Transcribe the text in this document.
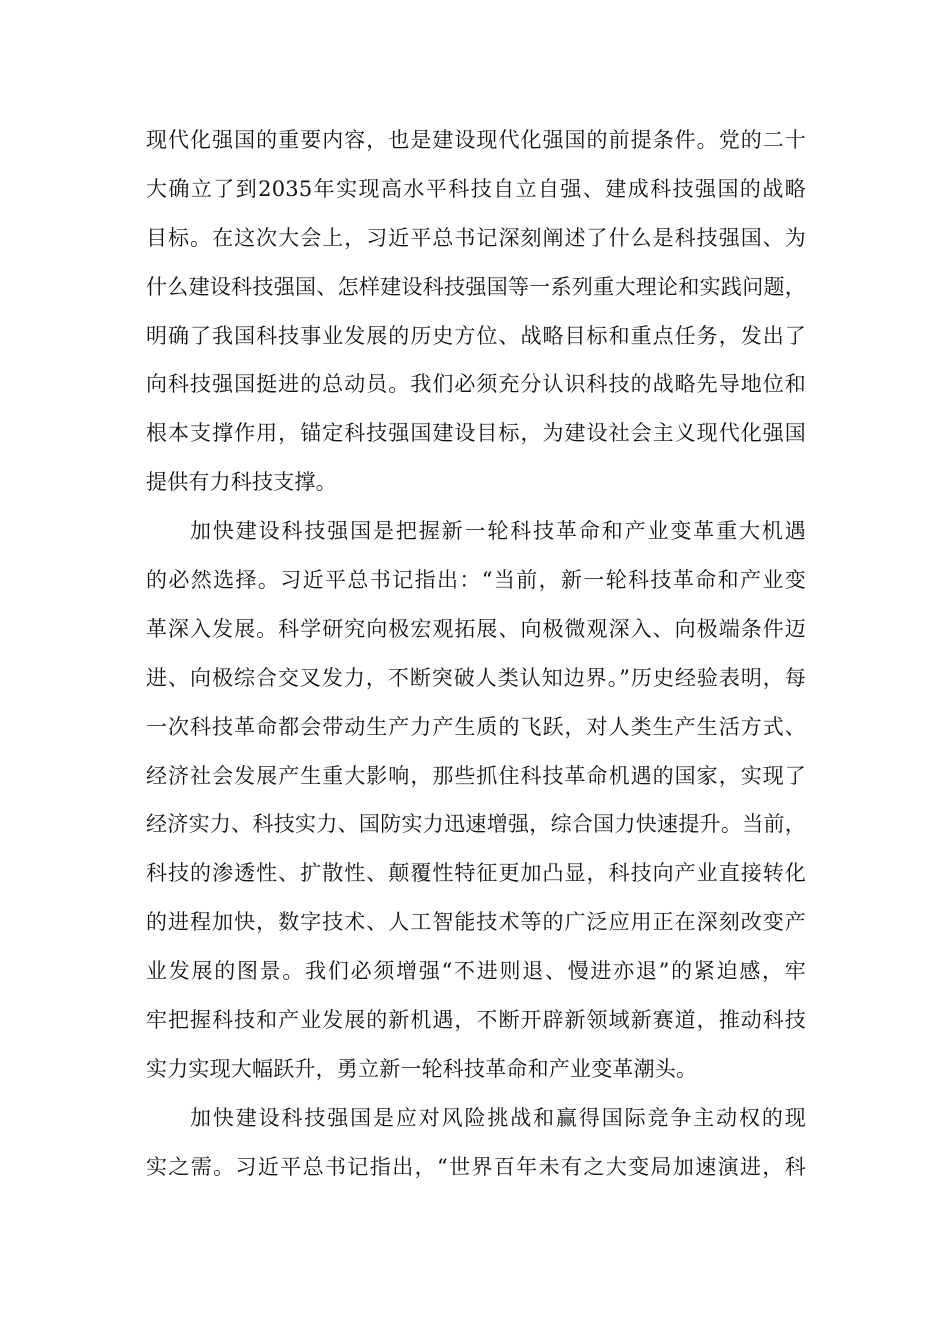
现代化强国的重要内容，也是建设现代化强国的前提条件。党的二十
大确立了到2035年实现高水平科技自立自强、建成科技强国的战略
目标。在这次大会上，习近平总书记深刻阐述了什么是科技强国、为
什么建设科技强国、怎样建设科技强国等一系列重大理论和实践问题，
明确了我国科技事业发展的历史方位、战略目标和重点任务，发出了
向科技强国挺进的总动员。我们必须充分认识科技的战略先导地位和
根本支撑作用，锚定科技强国建设目标，为建设社会主义现代化强国
提供有力科技支撑。
加快建设科技强国是把握新一轮科技革命和产业变革重大机遇
的必然选择。习近平总书记指出：“当前，新一轮科技革命和产业变
革深入发展。科学研究向极宏观拓展、向极微观深入、向极端条件迈
进、向极综合交叉发力，不断突破人类认知边界。”历史经验表明，每
一次科技革命都会带动生产力产生质的飞跃，对人类生产生活方式、
经济社会发展产生重大影响，那些抓住科技革命机遇的国家，实现了
经济实力、科技实力、国防实力迅速增强，综合国力快速提升。当前，
科技的渗透性、扩散性、颠覆性特征更加凸显，科技向产业直接转化
的进程加快，数字技术、人工智能技术等的广泛应用正在深刻改变产
业发展的图景。我们必须增强“不进则退、慢进亦退”的紧迫感，牢
牢把握科技和产业发展的新机遇，不断开辟新领域新赛道，推动科技
实力实现大幅跃升，勇立新一轮科技革命和产业变革潮头。
加快建设科技强国是应对风险挑战和赢得国际竞争主动权的现
实之需。习近平总书记指出，“世界百年未有之大变局加速演进，科
